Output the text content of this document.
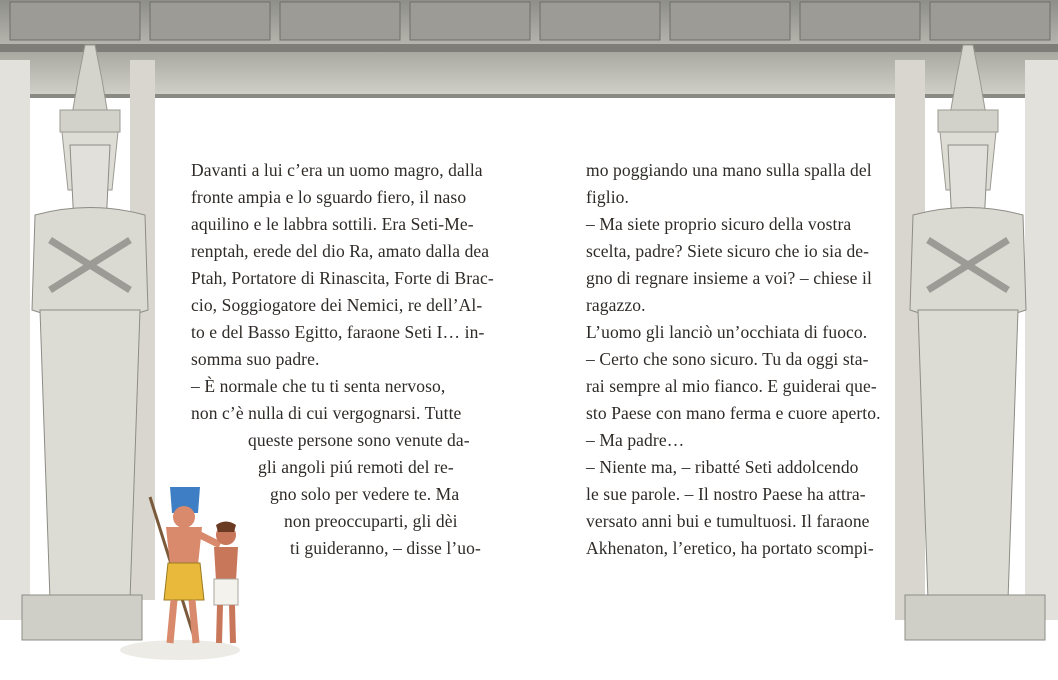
Davanti a lui c’era un uomo magro, dalla
fronte ampia e lo sguardo fiero, il naso
aquilino e le labbra sottili. Era Seti-Me-
renptah, erede del dio Ra, amato dalla dea
Ptah, Portatore di Rinascita, Forte di Brac-
cio, Soggiogatore dei Nemici, re dell’Al-
to e del Basso Egitto, faraone Seti I… in-
somma suo padre.
– È normale che tu ti senta nervoso,
non c’è nulla di cui vergognarsi. Tutte
queste persone sono venute da-
gli angoli piú remoti del re-
gno solo per vedere te. Ma
non preoccuparti, gli dèi
ti guideranno, – disse l’uo-
mo poggiando una mano sulla spalla del
figlio.
– Ma siete proprio sicuro della vostra
scelta, padre? Siete sicuro che io sia de-
gno di regnare insieme a voi? – chiese il
ragazzo.
L’uomo gli lanciò un’occhiata di fuoco.
– Certo che sono sicuro. Tu da oggi sta-
rai sempre al mio fianco. E guiderai que-
sto Paese con mano ferma e cuore aperto.
– Ma padre…
– Niente ma, – ribatté Seti addolcendo
le sue parole. – Il nostro Paese ha attra-
versato anni bui e tumultuosi. Il faraone
Akhenaton, l’eretico, ha portato scompi-
